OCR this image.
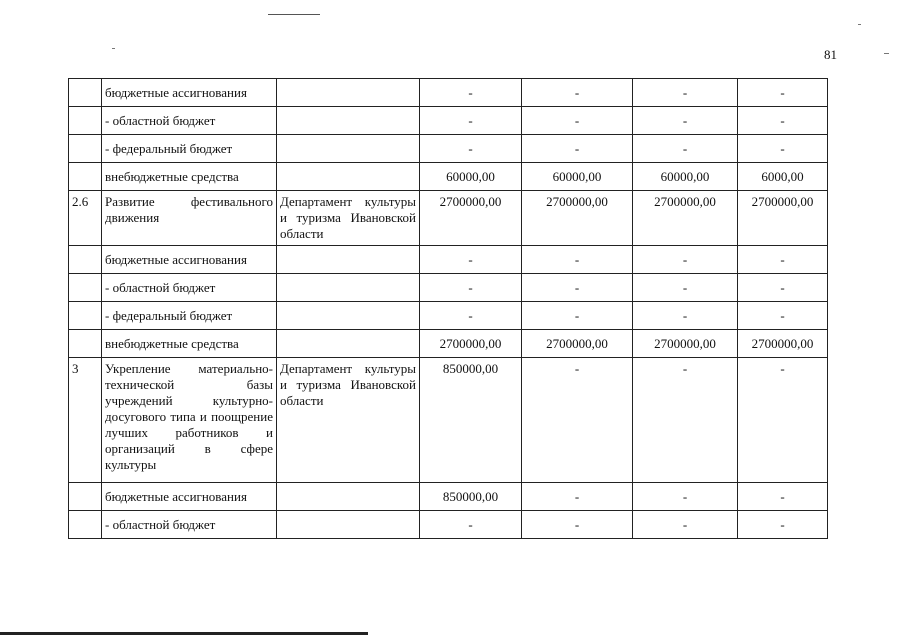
81
	бюджетные ассигнования		-	-	-	-
	- областной бюджет		-	-	-	-
	- федеральный бюджет		-	-	-	-
	внебюджетные средства		60000,00	60000,00	60000,00	6000,00
2.6	Развитие фестивального движения	Департамент культуры и туризма Ивановской области	2700000,00	2700000,00	2700000,00	2700000,00
	бюджетные ассигнования		-	-	-	-
	- областной бюджет		-	-	-	-
	- федеральный бюджет		-	-	-	-
	внебюджетные средства		2700000,00	2700000,00	2700000,00	2700000,00
3	Укрепление материально-технической базы учреждений культурно-досугового типа и поощрение лучших работников и организаций в сфере культуры	Департамент культуры и туризма Ивановской области	850000,00	-	-	-
	бюджетные ассигнования		850000,00	-	-	-
	- областной бюджет		-	-	-	-
